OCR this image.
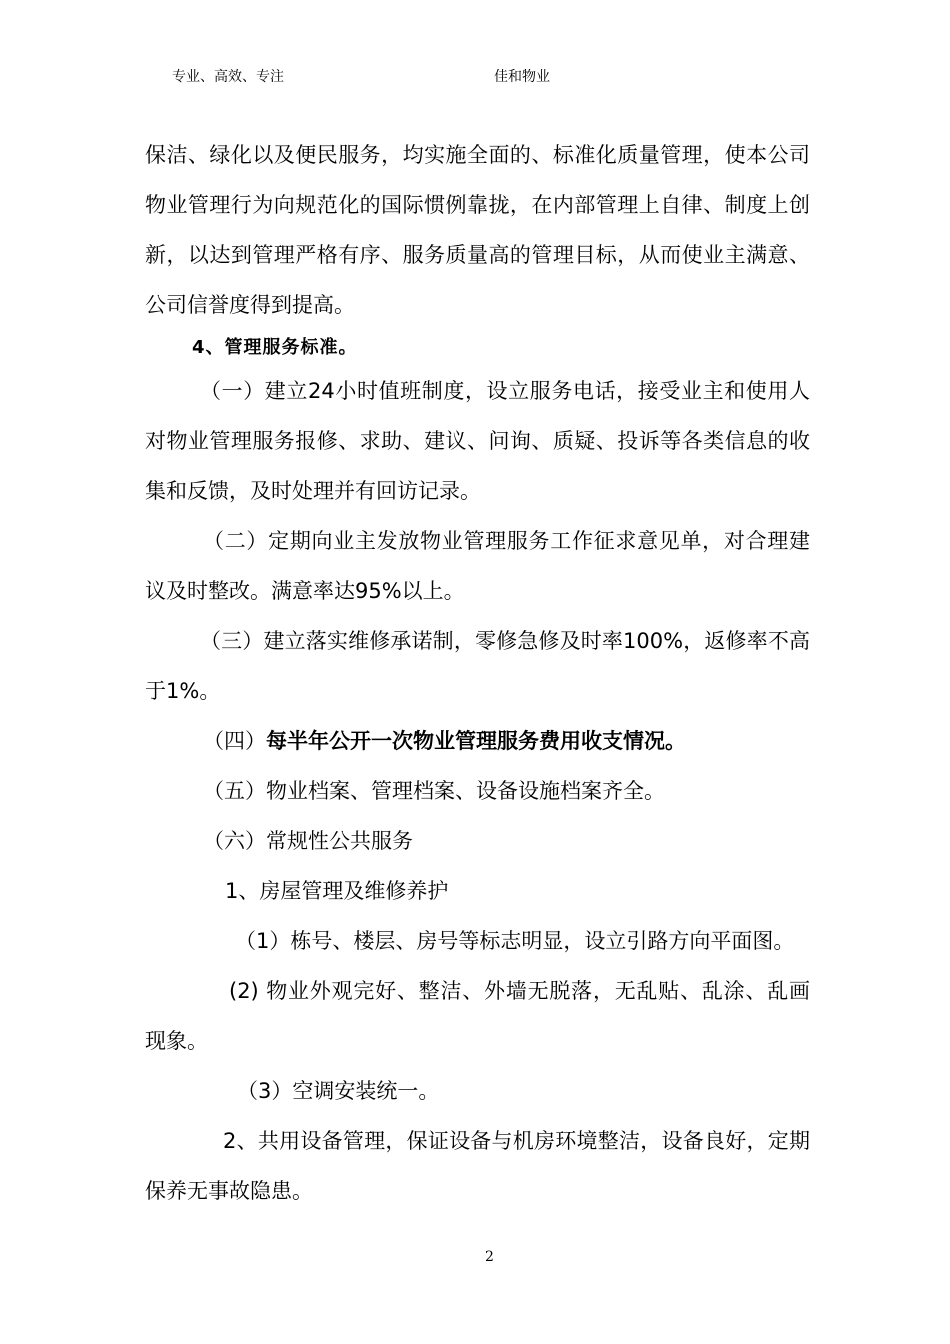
专业、高效、专注	佳和物业

保洁、绿化以及便民服务，均实施全面的、标准化质量管理，使本公司物业管理行为向规范化的国际惯例靠拢，在内部管理上自律、制度上创新，以达到管理严格有序、服务质量高的管理目标，从而使业主满意、公司信誉度得到提高。

4、管理服务标准。

（一）建立24小时值班制度，设立服务电话，接受业主和使用人对物业管理服务报修、求助、建议、问询、质疑、投诉等各类信息的收集和反馈，及时处理并有回访记录。

（二）定期向业主发放物业管理服务工作征求意见单，对合理建议及时整改。满意率达95%以上。

（三）建立落实维修承诺制，零修急修及时率100%，返修率不高于1%。

（四）每半年公开一次物业管理服务费用收支情况。

（五）物业档案、管理档案、设备设施档案齐全。

（六）常规性公共服务

1、房屋管理及维修养护

（1）栋号、楼层、房号等标志明显，设立引路方向平面图。

(2) 物业外观完好、整洁、外墙无脱落，无乱贴、乱涂、乱画现象。

（3）空调安装统一。

2、共用设备管理，保证设备与机房环境整洁，设备良好，定期保养无事故隐患。

2
